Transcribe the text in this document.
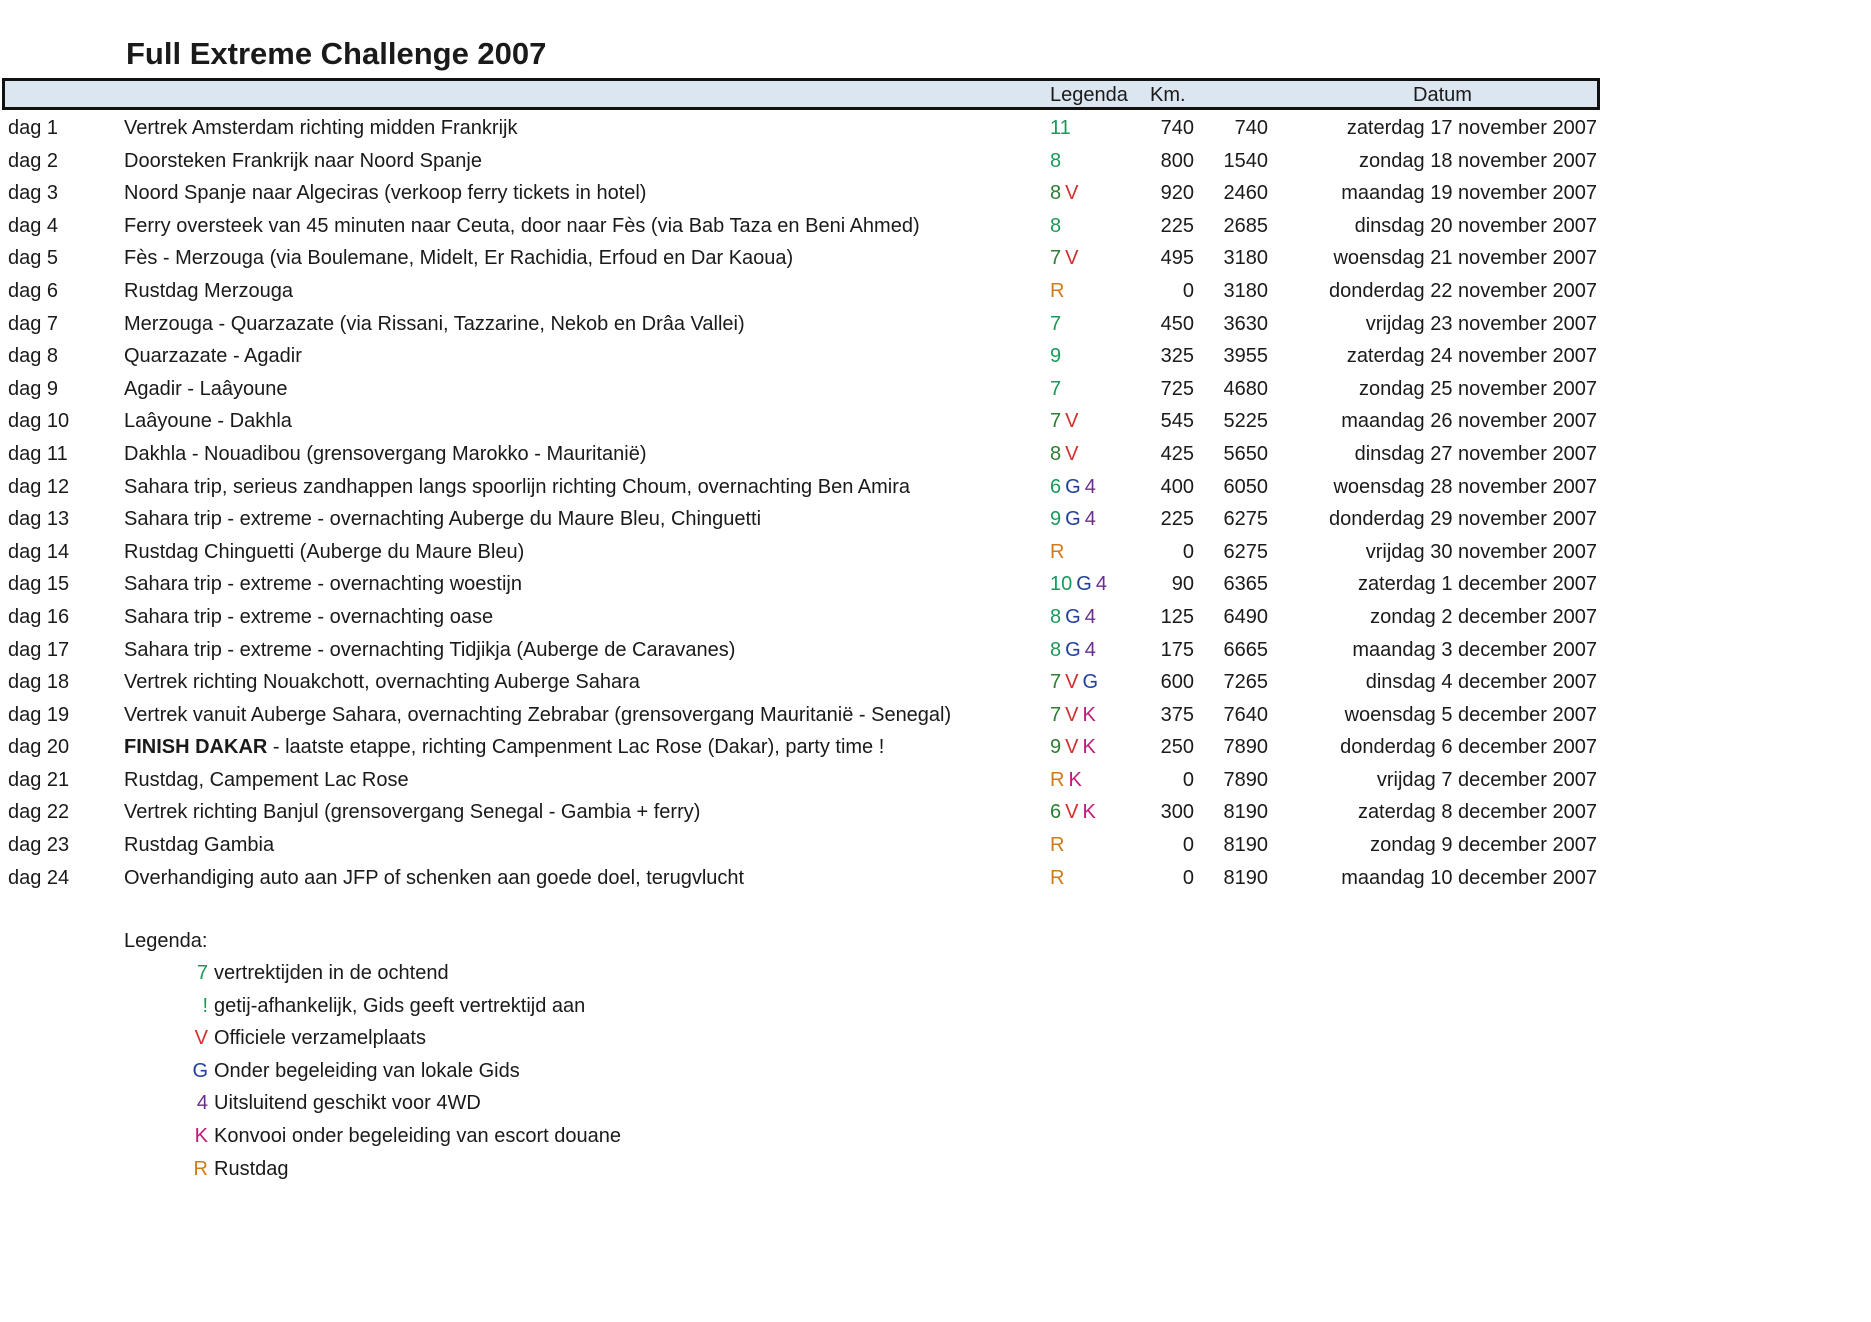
Full Extreme Challenge 2007
Legenda Km.	Datum
dag 1	Vertrek Amsterdam richting midden Frankrijk	11	740	740	zaterdag 17 november 2007
dag 2	Doorsteken Frankrijk naar Noord Spanje	8	800	1540	zondag 18 november 2007
dag 3	Noord Spanje naar Algeciras (verkoop ferry tickets in hotel)	8 V	920	2460	maandag 19 november 2007
dag 4	Ferry oversteek van 45 minuten naar Ceuta, door naar Fès (via Bab Taza en Beni Ahmed)	8	225	2685	dinsdag 20 november 2007
dag 5	Fès - Merzouga (via Boulemane, Midelt, Er Rachidia, Erfoud en Dar Kaoua)	7 V	495	3180	woensdag 21 november 2007
dag 6	Rustdag Merzouga	R	0	3180	donderdag 22 november 2007
dag 7	Merzouga - Quarzazate (via Rissani, Tazzarine, Nekob en Drâa Vallei)	7	450	3630	vrijdag 23 november 2007
dag 8	Quarzazate - Agadir	9	325	3955	zaterdag 24 november 2007
dag 9	Agadir - Laâyoune	7	725	4680	zondag 25 november 2007
dag 10	Laâyoune - Dakhla	7 V	545	5225	maandag 26 november 2007
dag 11	Dakhla - Nouadibou (grensovergang Marokko - Mauritanië)	8 V	425	5650	dinsdag 27 november 2007
dag 12	Sahara trip, serieus zandhappen langs spoorlijn richting Choum, overnachting Ben Amira	6 G 4	400	6050	woensdag 28 november 2007
dag 13	Sahara trip - extreme - overnachting Auberge du Maure Bleu, Chinguetti	9 G 4	225	6275	donderdag 29 november 2007
dag 14	Rustdag Chinguetti (Auberge du Maure Bleu)	R	0	6275	vrijdag 30 november 2007
dag 15	Sahara trip - extreme - overnachting woestijn	10 G 4	90	6365	zaterdag 1 december 2007
dag 16	Sahara trip - extreme - overnachting oase	8 G 4	125	6490	zondag 2 december 2007
dag 17	Sahara trip - extreme - overnachting Tidjikja (Auberge de Caravanes)	8 G 4	175	6665	maandag 3 december 2007
dag 18	Vertrek richting Nouakchott, overnachting Auberge Sahara	7 V G	600	7265	dinsdag 4 december 2007
dag 19	Vertrek vanuit Auberge Sahara, overnachting Zebrabar (grensovergang Mauritanië - Senegal)	7 V K	375	7640	woensdag 5 december 2007
dag 20	FINISH DAKAR - laatste etappe, richting Campenment Lac Rose (Dakar), party time !	9 V K	250	7890	donderdag 6 december 2007
dag 21	Rustdag, Campement Lac Rose	R K	0	7890	vrijdag 7 december 2007
dag 22	Vertrek richting Banjul (grensovergang Senegal - Gambia + ferry)	6 V K	300	8190	zaterdag 8 december 2007
dag 23	Rustdag Gambia	R	0	8190	zondag 9 december 2007
dag 24	Overhandiging auto aan JFP of schenken aan goede doel, terugvlucht	R	0	8190	maandag 10 december 2007
Legenda:
7 vertrektijden in de ochtend
! getij-afhankelijk, Gids geeft vertrektijd aan
V Officiele verzamelplaats
G Onder begeleiding van lokale Gids
4 Uitsluitend geschikt voor 4WD
K Konvooi onder begeleiding van escort douane
R Rustdag
